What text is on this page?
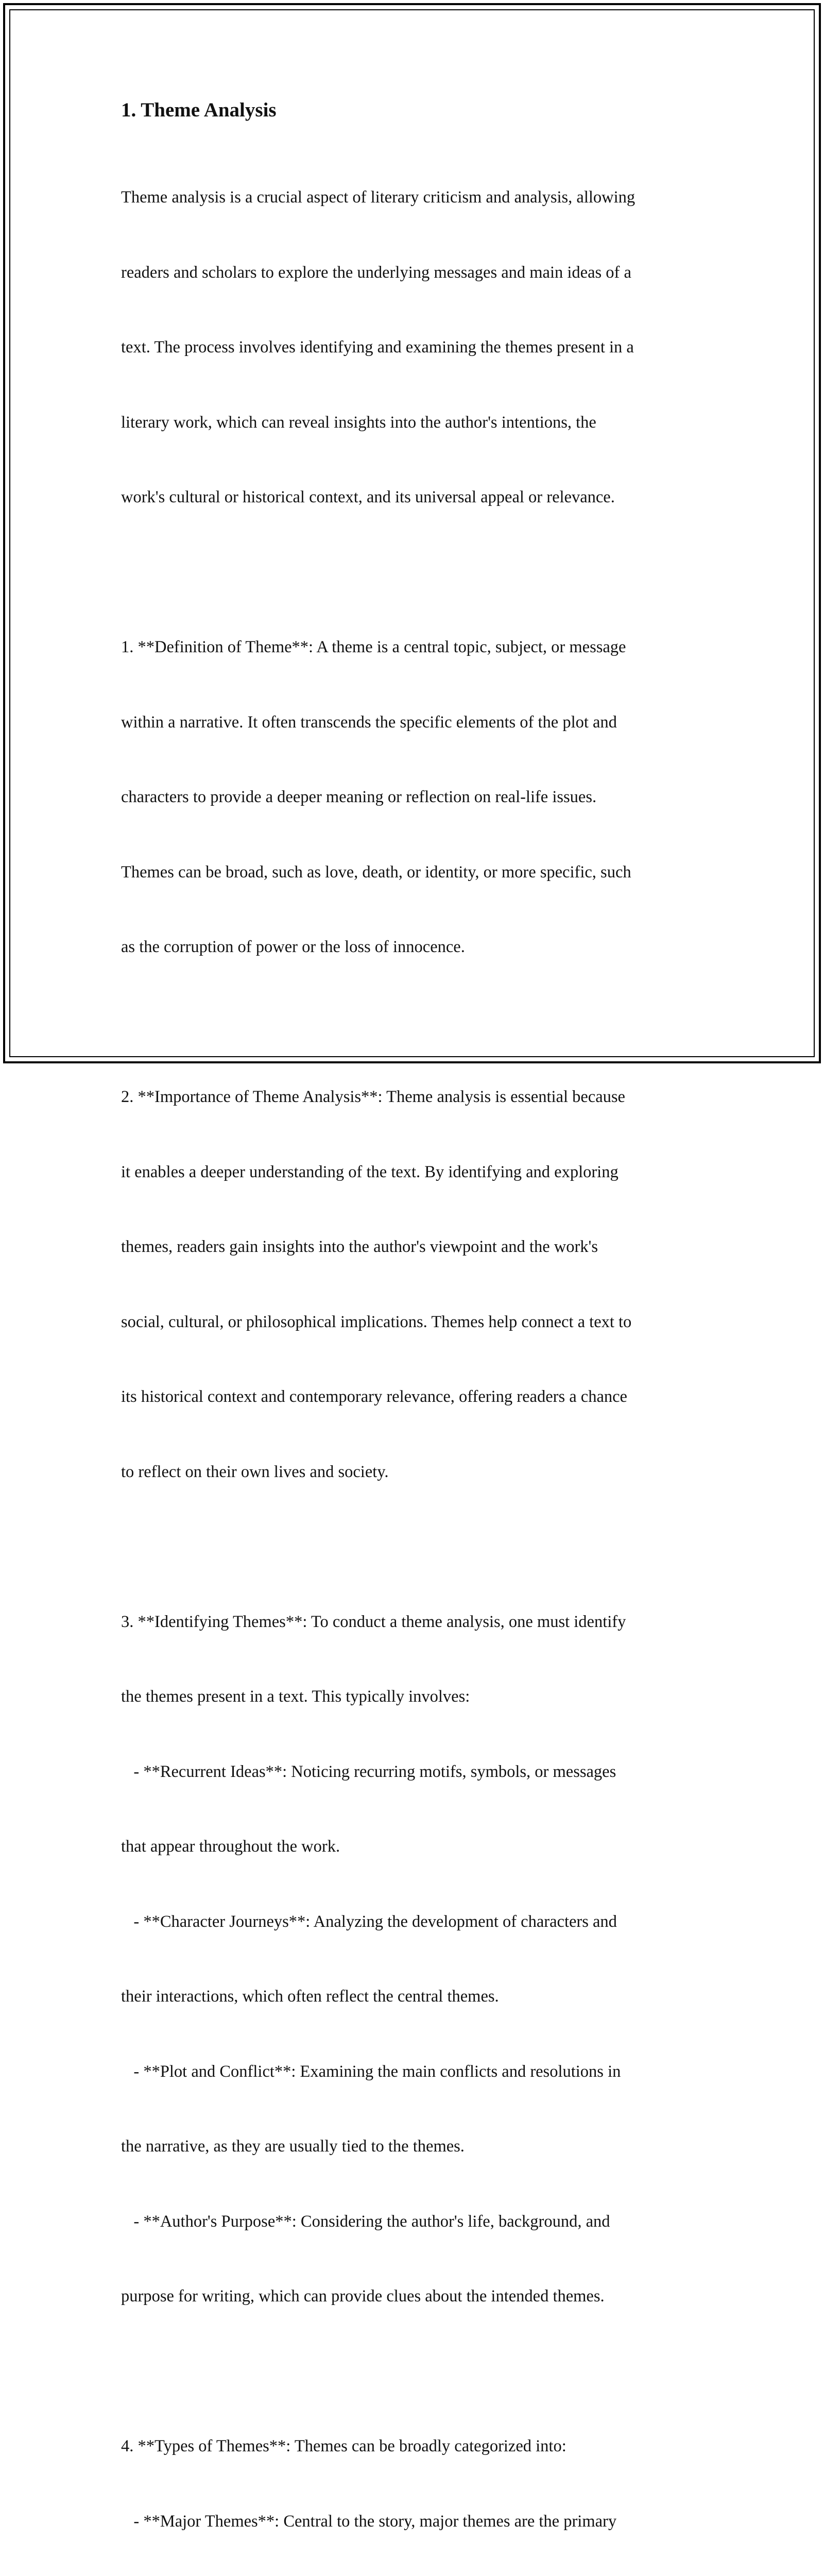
1. Theme Analysis

Theme analysis is a crucial aspect of literary criticism and analysis, allowing

readers and scholars to explore the underlying messages and main ideas of a

text. The process involves identifying and examining the themes present in a

literary work, which can reveal insights into the author's intentions, the

work's cultural or historical context, and its universal appeal or relevance.

1. **Definition of Theme**: A theme is a central topic, subject, or message

within a narrative. It often transcends the specific elements of the plot and

characters to provide a deeper meaning or reflection on real-life issues.

Themes can be broad, such as love, death, or identity, or more specific, such

as the corruption of power or the loss of innocence.

2. **Importance of Theme Analysis**: Theme analysis is essential because

it enables a deeper understanding of the text. By identifying and exploring

themes, readers gain insights into the author's viewpoint and the work's

social, cultural, or philosophical implications. Themes help connect a text to

its historical context and contemporary relevance, offering readers a chance

to reflect on their own lives and society.

3. **Identifying Themes**: To conduct a theme analysis, one must identify

the themes present in a text. This typically involves:

- **Recurrent Ideas**: Noticing recurring motifs, symbols, or messages

that appear throughout the work.

- **Character Journeys**: Analyzing the development of characters and

their interactions, which often reflect the central themes.

- **Plot and Conflict**: Examining the main conflicts and resolutions in

the narrative, as they are usually tied to the themes.

- **Author's Purpose**: Considering the author's life, background, and

purpose for writing, which can provide clues about the intended themes.

4. **Types of Themes**: Themes can be broadly categorized into:

- **Major Themes**: Central to the story, major themes are the primary
